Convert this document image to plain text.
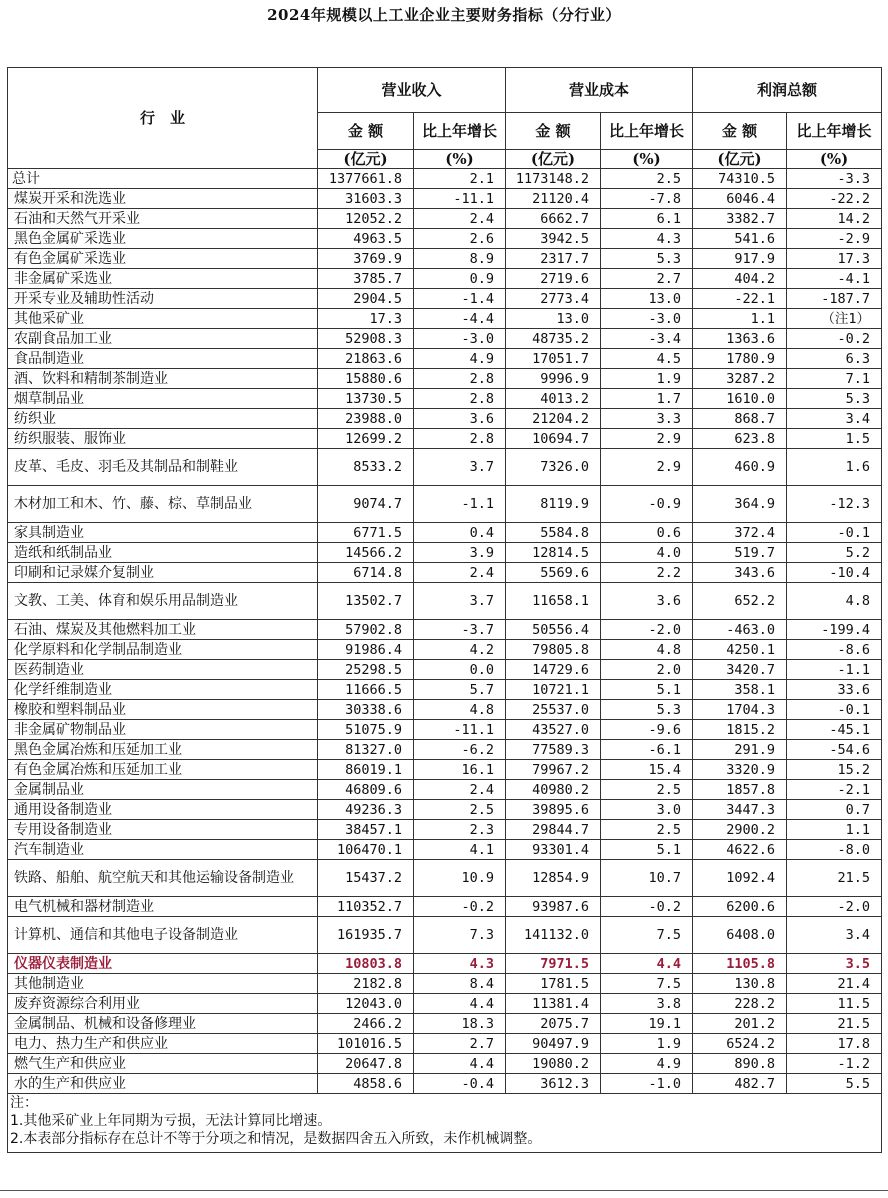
2024年规模以上工业企业主要财务指标（分行业）
行　业	营业收入		营业成本		利润总额	
	金 额	比上年增长	金 额	比上年增长	金 额	比上年增长
	(亿元)	(%)	(亿元)	(%)	(亿元)	(%)
总计	1377661.8	2.1	1173148.2	2.5	74310.5	-3.3
煤炭开采和洗选业	31603.3	-11.1	21120.4	-7.8	6046.4	-22.2
石油和天然气开采业	12052.2	2.4	6662.7	6.1	3382.7	14.2
黑色金属矿采选业	4963.5	2.6	3942.5	4.3	541.6	-2.9
有色金属矿采选业	3769.9	8.9	2317.7	5.3	917.9	17.3
非金属矿采选业	3785.7	0.9	2719.6	2.7	404.2	-4.1
开采专业及辅助性活动	2904.5	-1.4	2773.4	13.0	-22.1	-187.7
其他采矿业	17.3	-4.4	13.0	-3.0	1.1	（注1）
农副食品加工业	52908.3	-3.0	48735.2	-3.4	1363.6	-0.2
食品制造业	21863.6	4.9	17051.7	4.5	1780.9	6.3
酒、饮料和精制茶制造业	15880.6	2.8	9996.9	1.9	3287.2	7.1
烟草制品业	13730.5	2.8	4013.2	1.7	1610.0	5.3
纺织业	23988.0	3.6	21204.2	3.3	868.7	3.4
纺织服装、服饰业	12699.2	2.8	10694.7	2.9	623.8	1.5
皮革、毛皮、羽毛及其制品和制鞋业	8533.2	3.7	7326.0	2.9	460.9	1.6
木材加工和木、竹、藤、棕、草制品业	9074.7	-1.1	8119.9	-0.9	364.9	-12.3
家具制造业	6771.5	0.4	5584.8	0.6	372.4	-0.1
造纸和纸制品业	14566.2	3.9	12814.5	4.0	519.7	5.2
印刷和记录媒介复制业	6714.8	2.4	5569.6	2.2	343.6	-10.4
文教、工美、体育和娱乐用品制造业	13502.7	3.7	11658.1	3.6	652.2	4.8
石油、煤炭及其他燃料加工业	57902.8	-3.7	50556.4	-2.0	-463.0	-199.4
化学原料和化学制品制造业	91986.4	4.2	79805.8	4.8	4250.1	-8.6
医药制造业	25298.5	0.0	14729.6	2.0	3420.7	-1.1
化学纤维制造业	11666.5	5.7	10721.1	5.1	358.1	33.6
橡胶和塑料制品业	30338.6	4.8	25537.0	5.3	1704.3	-0.1
非金属矿物制品业	51075.9	-11.1	43527.0	-9.6	1815.2	-45.1
黑色金属冶炼和压延加工业	81327.0	-6.2	77589.3	-6.1	291.9	-54.6
有色金属冶炼和压延加工业	86019.1	16.1	79967.2	15.4	3320.9	15.2
金属制品业	46809.6	2.4	40980.2	2.5	1857.8	-2.1
通用设备制造业	49236.3	2.5	39895.6	3.0	3447.3	0.7
专用设备制造业	38457.1	2.3	29844.7	2.5	2900.2	1.1
汽车制造业	106470.1	4.1	93301.4	5.1	4622.6	-8.0
铁路、船舶、航空航天和其他运输设备制造业	15437.2	10.9	12854.9	10.7	1092.4	21.5
电气机械和器材制造业	110352.7	-0.2	93987.6	-0.2	6200.6	-2.0
计算机、通信和其他电子设备制造业	161935.7	7.3	141132.0	7.5	6408.0	3.4
仪器仪表制造业	10803.8	4.3	7971.5	4.4	1105.8	3.5
其他制造业	2182.8	8.4	1781.5	7.5	130.8	21.4
废弃资源综合利用业	12043.0	4.4	11381.4	3.8	228.2	11.5
金属制品、机械和设备修理业	2466.2	18.3	2075.7	19.1	201.2	21.5
电力、热力生产和供应业	101016.5	2.7	90497.9	1.9	6524.2	17.8
燃气生产和供应业	20647.8	4.4	19080.2	4.9	890.8	-1.2
水的生产和供应业	4858.6	-0.4	3612.3	-1.0	482.7	5.5

注：
1.其他采矿业上年同期为亏损，无法计算同比增速。
2.本表部分指标存在总计不等于分项之和情况，是数据四舍五入所致，未作机械调整。						
